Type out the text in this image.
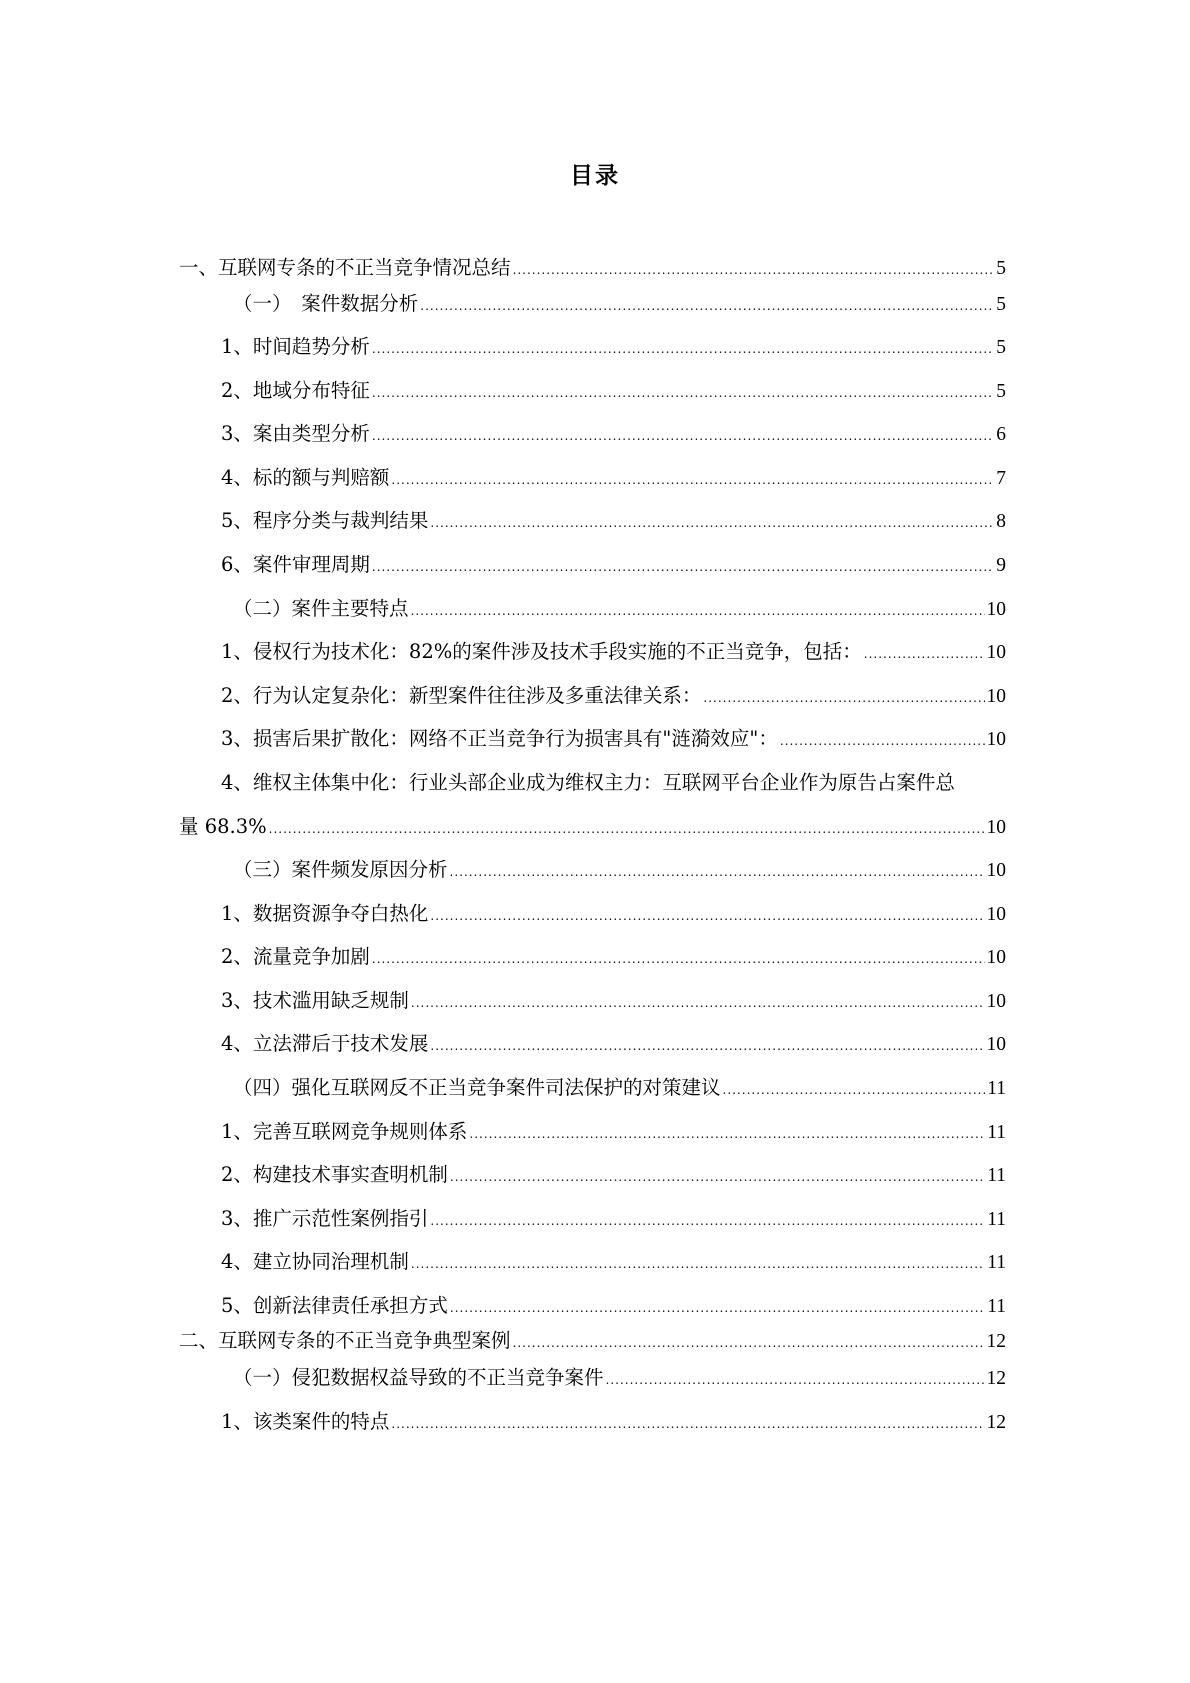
目录
一、互联网专条的不正当竞争情况总结 .....	5
（一）　案件数据分析 .....	5
1、时间趋势分析 .....	5
2、地域分布特征 .....	5
3、案由类型分析 .....	6
4、标的额与判赔额 .....	7
5、程序分类与裁判结果 .....	8
6、案件审理周期 .....	9
（二）案件主要特点 .....	10
1、侵权行为技术化：82%的案件涉及技术手段实施的不正当竞争，包括： .....	10
2、行为认定复杂化：新型案件往往涉及多重法律关系： .....	10
3、损害后果扩散化：网络不正当竞争行为损害具有"涟漪效应"： .....	10
4、维权主体集中化：行业头部企业成为维权主力：互联网平台企业作为原告占案件总
量 68.3% .....	10
（三）案件频发原因分析 .....	10
1、数据资源争夺白热化 .....	10
2、流量竞争加剧 .....	10
3、技术滥用缺乏规制 .....	10
4、立法滞后于技术发展 .....	10
（四）强化互联网反不正当竞争案件司法保护的对策建议 .....	11
1、完善互联网竞争规则体系 .....	11
2、构建技术事实查明机制 .....	11
3、推广示范性案例指引 .....	11
4、建立协同治理机制 .....	11
5、创新法律责任承担方式 .....	11
二、互联网专条的不正当竞争典型案例 .....	12
（一）侵犯数据权益导致的不正当竞争案件 .....	12
1、该类案件的特点 .....	12
